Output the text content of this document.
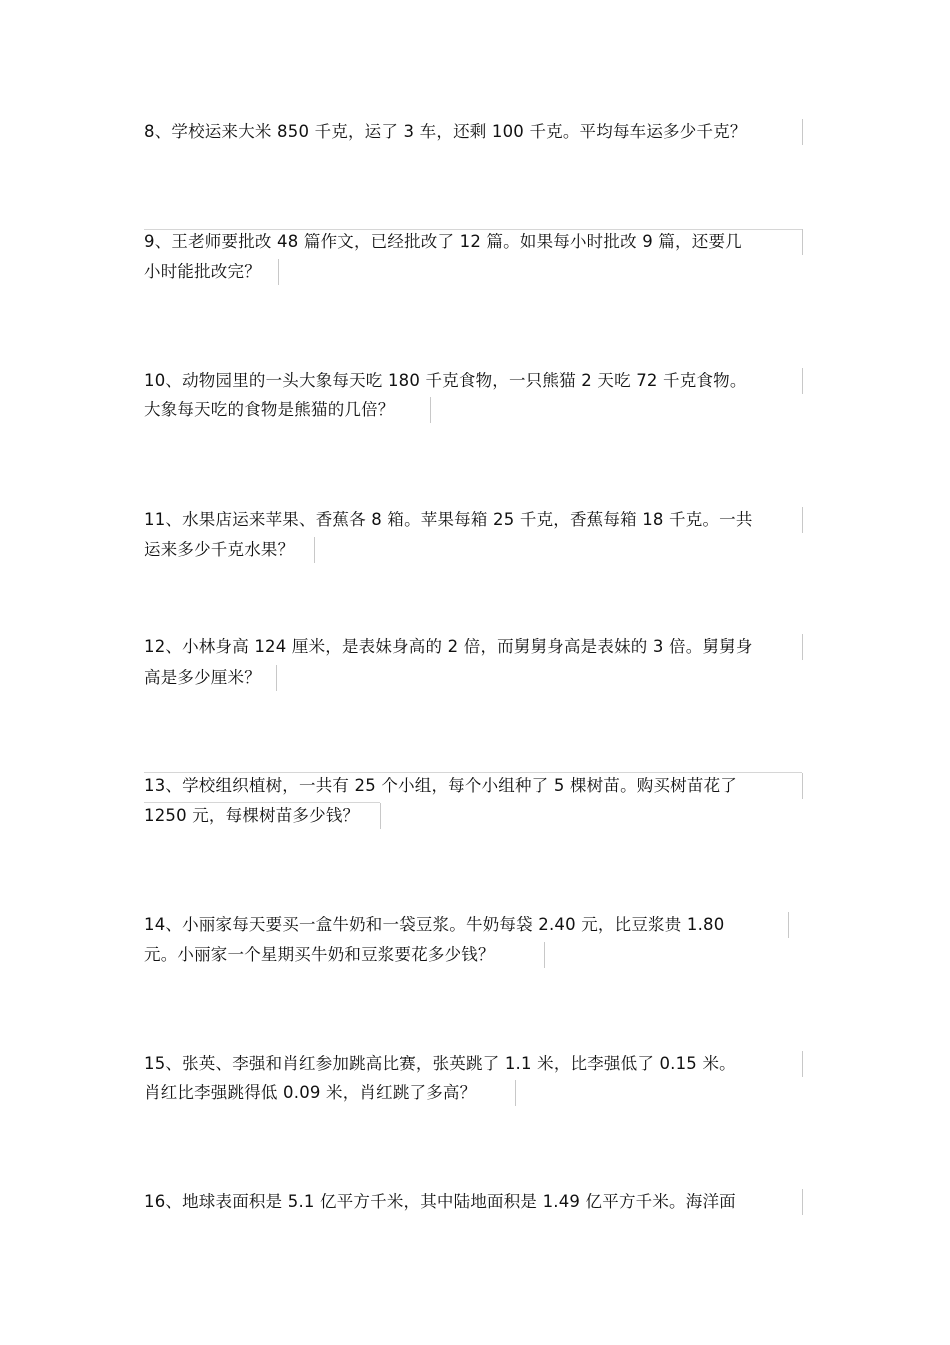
8、学校运来大米 850 千克，运了 3 车，还剩 100 千克。平均每车运多少千克？
9、王老师要批改 48 篇作文，已经批改了 12 篇。如果每小时批改 9 篇，还要几
小时能批改完？
10、动物园里的一头大象每天吃 180 千克食物，一只熊猫 2 天吃 72 千克食物。
大象每天吃的食物是熊猫的几倍？
11、水果店运来苹果、香蕉各 8 箱。苹果每箱 25 千克，香蕉每箱 18 千克。一共
运来多少千克水果？
12、小林身高 124 厘米，是表妹身高的 2 倍，而舅舅身高是表妹的 3 倍。舅舅身
高是多少厘米？
13、学校组织植树，一共有 25 个小组，每个小组种了 5 棵树苗。购买树苗花了
1250 元，每棵树苗多少钱？
14、小丽家每天要买一盒牛奶和一袋豆浆。牛奶每袋 2.40 元，比豆浆贵 1.80
元。小丽家一个星期买牛奶和豆浆要花多少钱？
15、张英、李强和肖红参加跳高比赛，张英跳了 1.1 米，比李强低了 0.15 米。
肖红比李强跳得低 0.09 米，肖红跳了多高？
16、地球表面积是 5.1 亿平方千米，其中陆地面积是 1.49 亿平方千米。海洋面
